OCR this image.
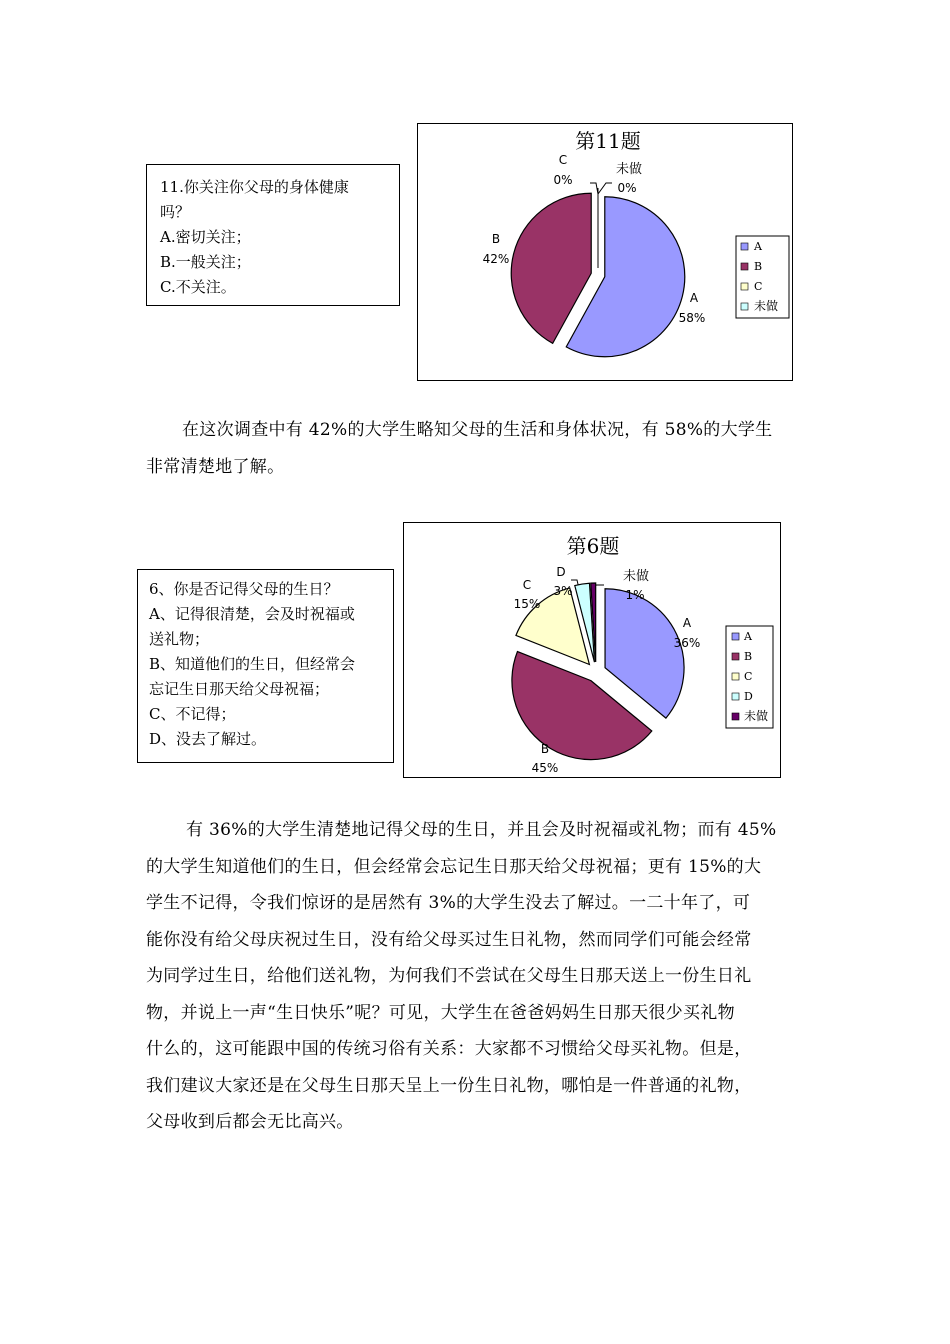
11.你关注你父母的身体健康
吗？
A.密切关注；
B.一般关注；
C.不关注。
第11题
A
58%
B
42%
C
0%
未做
0%
A
B
C
未做

在这次调查中有 42%的大学生略知父母的生活和身体状况，有 58%的大学生

非常清楚地了解。

6、你是否记得父母的生日？
A、记得很清楚，会及时祝福或
送礼物；
B、知道他们的生日，但经常会
忘记生日那天给父母祝福；
C、不记得；
D、没去了解过。
第6题
A
36%
B
45%
C
15%
D
3%
未做
1%
A
B
C
D
未做

有 36%的大学生清楚地记得父母的生日，并且会及时祝福或礼物；而有 45%

的大学生知道他们的生日，但会经常会忘记生日那天给父母祝福；更有 15%的大

学生不记得，令我们惊讶的是居然有 3%的大学生没去了解过。一二十年了，可

能你没有给父母庆祝过生日，没有给父母买过生日礼物，然而同学们可能会经常

为同学过生日，给他们送礼物，为何我们不尝试在父母生日那天送上一份生日礼

物，并说上一声“生日快乐”呢？可见，大学生在爸爸妈妈生日那天很少买礼物

什么的，这可能跟中国的传统习俗有关系：大家都不习惯给父母买礼物。但是，

我们建议大家还是在父母生日那天呈上一份生日礼物，哪怕是一件普通的礼物，

父母收到后都会无比高兴。
